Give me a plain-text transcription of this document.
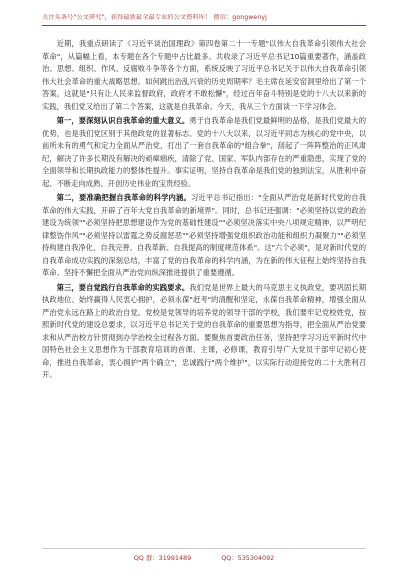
关注头条号"公文研究"，获得最新最全最专业的公文资料库！ 微信：gongwenyj

近期，我重点研读了《习近平谈治国理政》第四卷第二十一专题"以伟大自我革命引领伟大社会革命"，从篇幅上看，本专题在各个专题中占比最多。共收录了习近平总书记10篇重要著作，涵盖政治、思想、组织、作风、反腐败斗争等各个方面，系统反映了习近平总书记关于以伟大自我革命引领伟大社会革命的重大战略思想。如何跳出治乱兴衰的历史周期率？毛主席在延安窑洞里给出了第一个答案，这就是"只有让人民来监督政府，政府才不敢松懈"，经过百年奋斗特别是党的十八大以来新的实践，我们党又给出了第二个答案，这就是自我革命。今天，我从三个方面谈一下学习体会。

第一，要深刻认识自我革命的重大意义。勇于自我革命是我们党最鲜明的品格，是我们党最大的优势，也是我们党区别于其他政党的显著标志。党的十八大以来，以习近平同志为核心的党中央，以前所未有的勇气和定力全面从严治党，打出了一套自我革命的"组合拳"，刮起了一阵阵整治的正风肃纪，解决了许多长期没有解决的顽瘴痼疾，清除了党、国家、军队内部存在的严重隐患，实现了党的全面领导和长期执政能力的整体性提升。事实证明，坚持自我革命是我们党的独到法宝，从胜利中奋起、不断走向成熟、开创历史伟业的宝贵经验。

第二，要准确把握自我革命的科学内涵。习近平总书记指出："全面从严治党是新时代党的自我革命的伟大实践，开辟了百年大党自我革命的新境界"。同时，总书记还强调："必须坚持以党的政治建设为统领""必须坚持把思想建设作为党的基础性建设""必须坚决落实中央八项规定精神，以严明纪律整饬作风""必须坚持以雷霆之势反腐惩恶""必须坚持增强党组织政治功能和组织力凝聚力""必须坚持构建自我净化、自我完善、自我革新、自我提高的制度规范体系"。这"六个必须"，是对新时代党的自我革命成功实践的深刻总结，丰富了党的自我革命的科学内涵，为在新的伟大征程上始终坚持自我革命、坚持不懈把全面从严治党向纵深推进提供了重要遵循。

第三，要自觉践行自我革命的实践要求。我们党是世界上最大的马克思主义执政党，要巩固长期执政地位、始终赢得人民衷心拥护，必须永葆"赶考"的清醒和坚定，永葆自我革命精神，增强全面从严治党永远在路上的政治自觉。党校是党领导的培养党的领导干部的学校，我们要牢记党校姓党，按照新时代党的建设总要求，以习近平总书记关于党的自我革命的重要思想为指导，把全面从严治党要求和从严治校方针贯彻到办学治校全过程各方面。要聚焦首要政治任务，坚持把学习习近平新时代中国特色社会主义思想作为干部教育培训的首课、主课，必修课，教育引导广大党员干部牢记初心使命，推进自我革命，衷心拥护"两个确立"，忠诚践行"两个维护"，以实际行动迎接党的二十大胜利召开。

QQ 群：31991489	QQ：535304092
